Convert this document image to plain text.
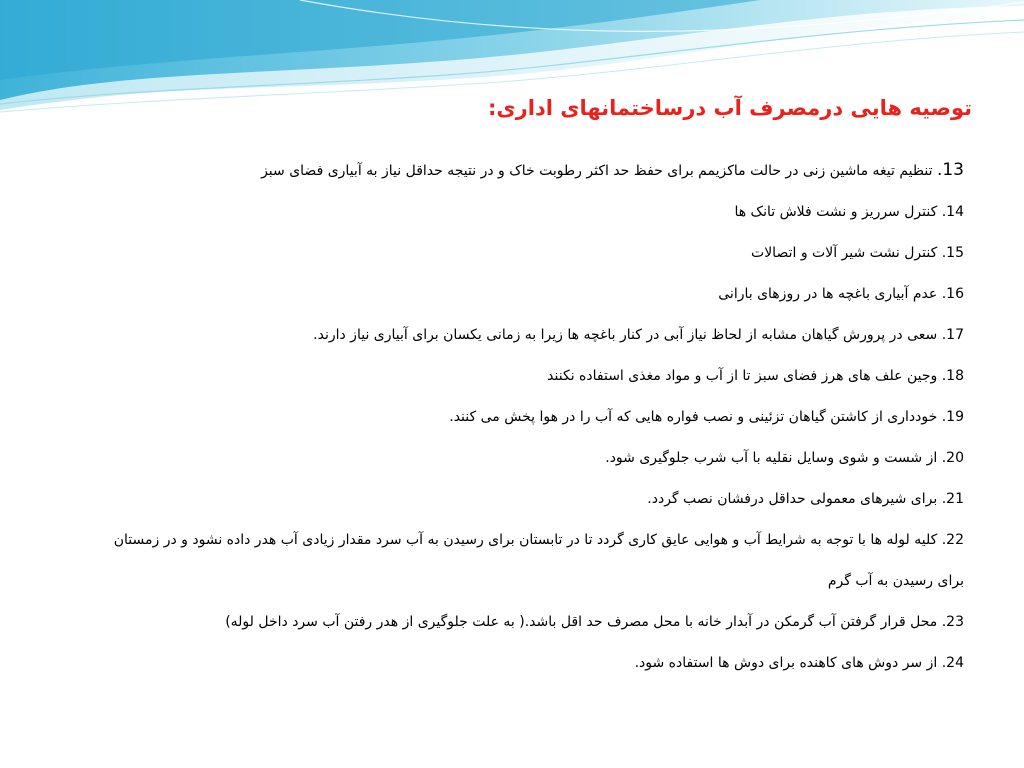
توصیه هایی درمصرف آب درساختمانهای اداری:
13. تنظیم تیغه ماشین زنی در حالت ماکزیمم برای حفظ حد اکثر رطوبت خاک و در نتیجه حداقل نیاز به آبیاری فضای سبز
14. کنترل سرریز و نشت فلاش تانک ها
15. کنترل نشت شیر آلات و اتصالات
16. عدم آبیاری باغچه ها در روزهای بارانی
17. سعی در پرورش گیاهان مشابه از لحاظ نیاز آبی در کنار باغچه ها زیرا به زمانی یکسان برای آبیاری نیاز دارند.
18. وجین علف های هرز فضای سبز تا از آب و مواد مغذی استفاده نکنند
19. خودداری از کاشتن گیاهان تزئینی و نصب فواره هایی که آب را در هوا پخش می کنند.
20. از شست و شوی وسایل نقلیه با آب شرب جلوگیری شود.
21. برای شیرهای معمولی حداقل درفشان نصب گردد.
22. کلیه لوله ها با توجه به شرایط آب و هوایی عایق کاری گردد تا در تابستان برای رسیدن به آب سرد مقدار زیادی آب هدر داده نشود و در زمستان برای رسیدن به آب گرم
23. محل قرار گرفتن آب گرمکن در آبدار خانه با محل مصرف حد اقل باشد.( به علت جلوگیری از هدر رفتن آب سرد داخل لوله)
24. از سر دوش های کاهنده برای دوش ها استفاده شود.
